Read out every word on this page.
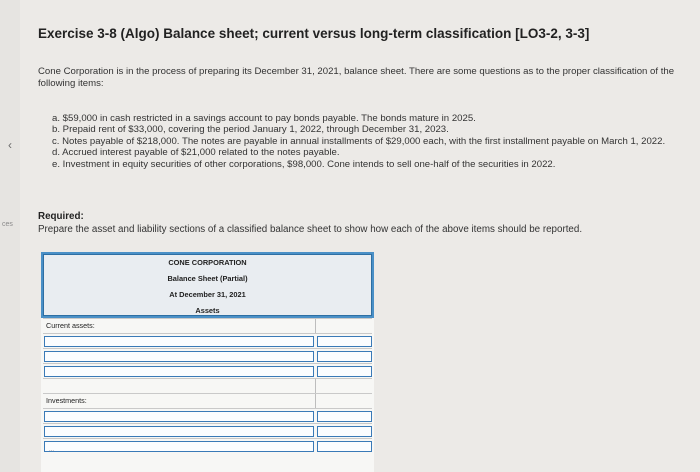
‹
ces
Exercise 3-8 (Algo) Balance sheet; current versus long-term classification [LO3-2, 3-3]
Cone Corporation is in the process of preparing its December 31, 2021, balance sheet. There are some questions as to the proper classification of the following items:
a. $59,000 in cash restricted in a savings account to pay bonds payable. The bonds mature in 2025.
b. Prepaid rent of $33,000, covering the period January 1, 2022, through December 31, 2023.
c. Notes payable of $218,000. The notes are payable in annual installments of $29,000 each, with the first installment payable on March 1, 2022.
d. Accrued interest payable of $21,000 related to the notes payable.
e. Investment in equity securities of other corporations, $98,000. Cone intends to sell one-half of the securities in 2022.
Required:
Prepare the asset and liability sections of a classified balance sheet to show how each of the above items should be reported.
CONE CORPORATION
Balance Sheet (Partial)
At December 31, 2021
Assets
Current assets:
Investments:
...
